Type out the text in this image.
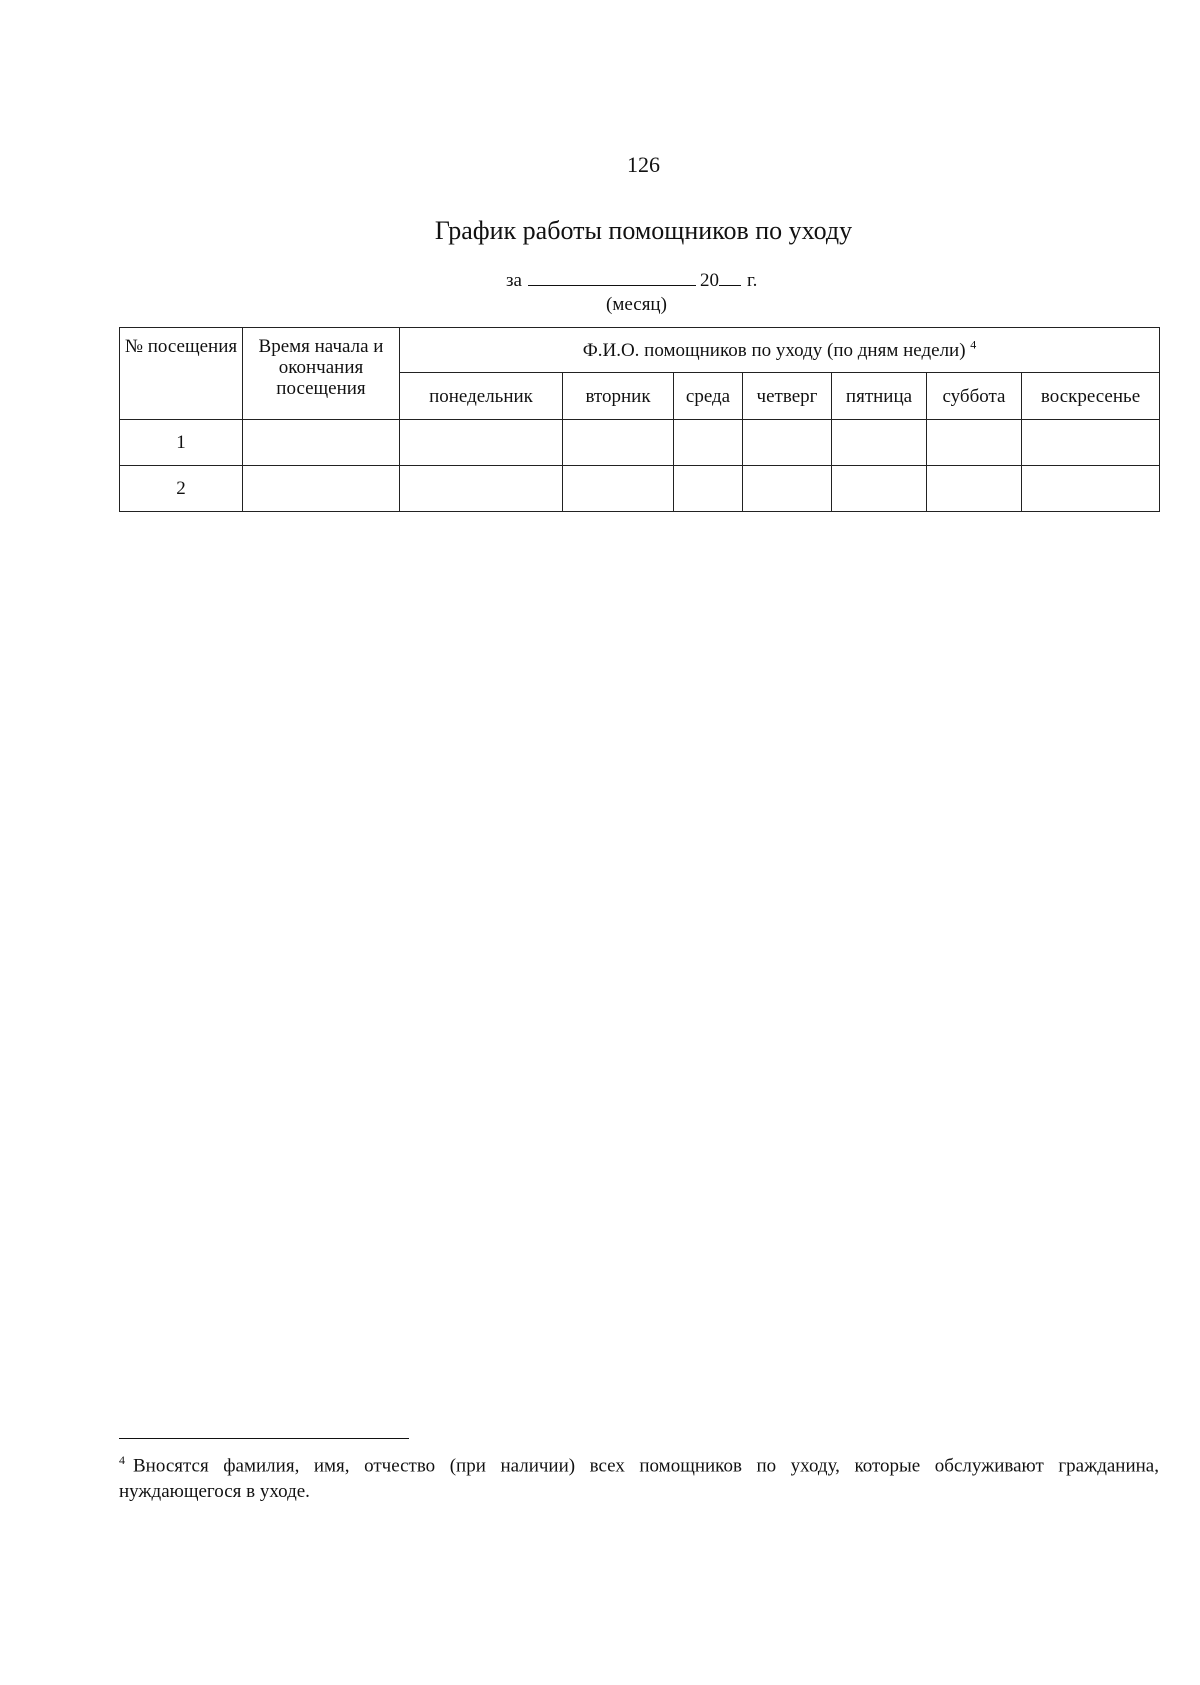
126
График работы помощников по уходу
за	20 г.
(месяц)
№ посещения	Время начала и окончания посещения	Ф.И.О. помощников по уходу (по дням недели) $^4$
		понедельник	вторник	среда	четверг	пятница	суббота	воскресенье
1								
2								
$^4$ Вносятся фамилия, имя, отчество (при наличии) всех помощников по уходу, которые обслуживают гражданина, нуждающегося в уходе.
